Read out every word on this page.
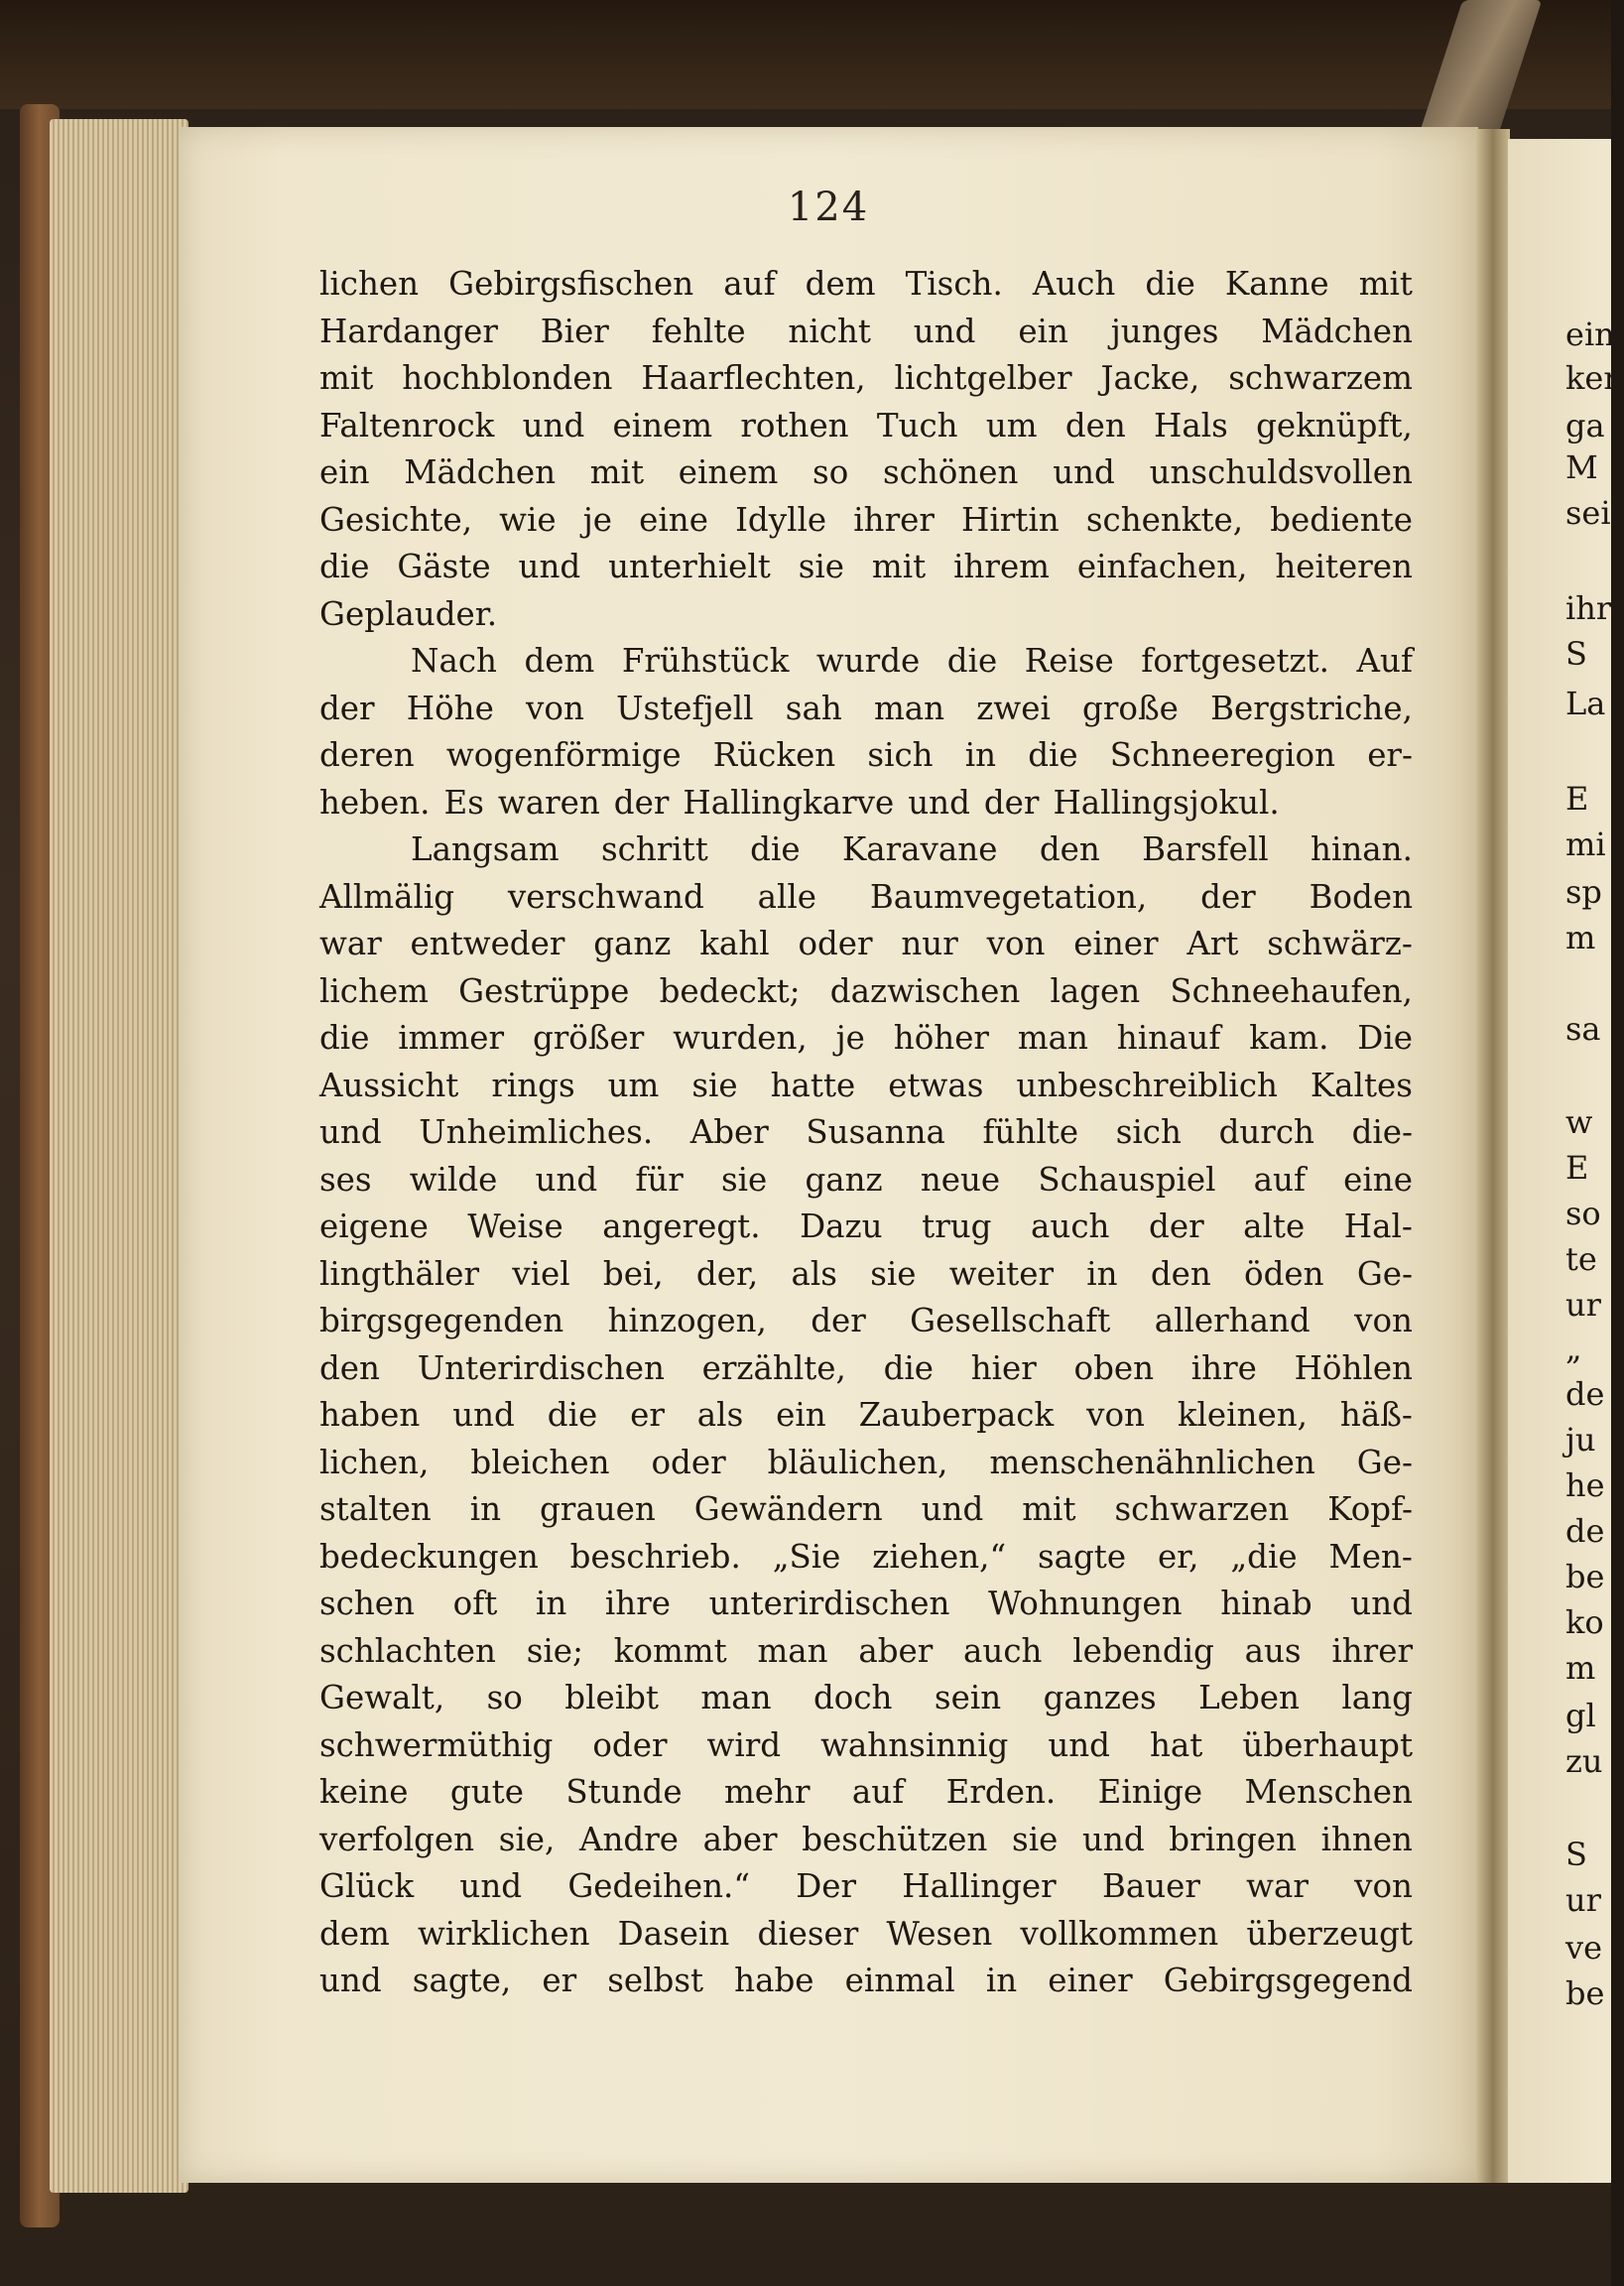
124
lichen Gebirgsfischen auf dem Tisch. Auch die Kanne mit
Hardanger Bier fehlte nicht und ein junges Mädchen
mit hochblonden Haarflechten, lichtgelber Jacke, schwarzem
Faltenrock und einem rothen Tuch um den Hals geknüpft,
ein Mädchen mit einem so schönen und unschuldsvollen
Gesichte, wie je eine Idylle ihrer Hirtin schenkte, bediente
die Gäste und unterhielt sie mit ihrem einfachen, heiteren
Geplauder.
Nach dem Frühstück wurde die Reise fortgesetzt. Auf
der Höhe von Ustefjell sah man zwei große Bergstriche,
deren wogenförmige Rücken sich in die Schneeregion er-
heben. Es waren der Hallingkarve und der Hallingsjokul.
Langsam schritt die Karavane den Barsfell hinan.
Allmälig verschwand alle Baumvegetation, der Boden
war entweder ganz kahl oder nur von einer Art schwärz-
lichem Gestrüppe bedeckt; dazwischen lagen Schneehaufen,
die immer größer wurden, je höher man hinauf kam. Die
Aussicht rings um sie hatte etwas unbeschreiblich Kaltes
und Unheimliches. Aber Susanna fühlte sich durch die-
ses wilde und für sie ganz neue Schauspiel auf eine
eigene Weise angeregt. Dazu trug auch der alte Hal-
lingthäler viel bei, der, als sie weiter in den öden Ge-
birgsgegenden hinzogen, der Gesellschaft allerhand von
den Unterirdischen erzählte, die hier oben ihre Höhlen
haben und die er als ein Zauberpack von kleinen, häß-
lichen, bleichen oder bläulichen, menschenähnlichen Ge-
stalten in grauen Gewändern und mit schwarzen Kopf-
bedeckungen beschrieb. „Sie ziehen,“ sagte er, „die Men-
schen oft in ihre unterirdischen Wohnungen hinab und
schlachten sie; kommt man aber auch lebendig aus ihrer
Gewalt, so bleibt man doch sein ganzes Leben lang
schwermüthig oder wird wahnsinnig und hat überhaupt
keine gute Stunde mehr auf Erden. Einige Menschen
verfolgen sie, Andre aber beschützen sie und bringen ihnen
Glück und Gedeihen.“ Der Hallinger Bauer war von
dem wirklichen Dasein dieser Wesen vollkommen überzeugt
und sagte, er selbst habe einmal in einer Gebirgsgegend
ein
ken
ga
M
sei
ihr
S
La
E
mi
sp
m
sa
w
E
so
te
ur
„
de
ju
he
de
be
ko
m
gl
zu
S
ur
ve
be
